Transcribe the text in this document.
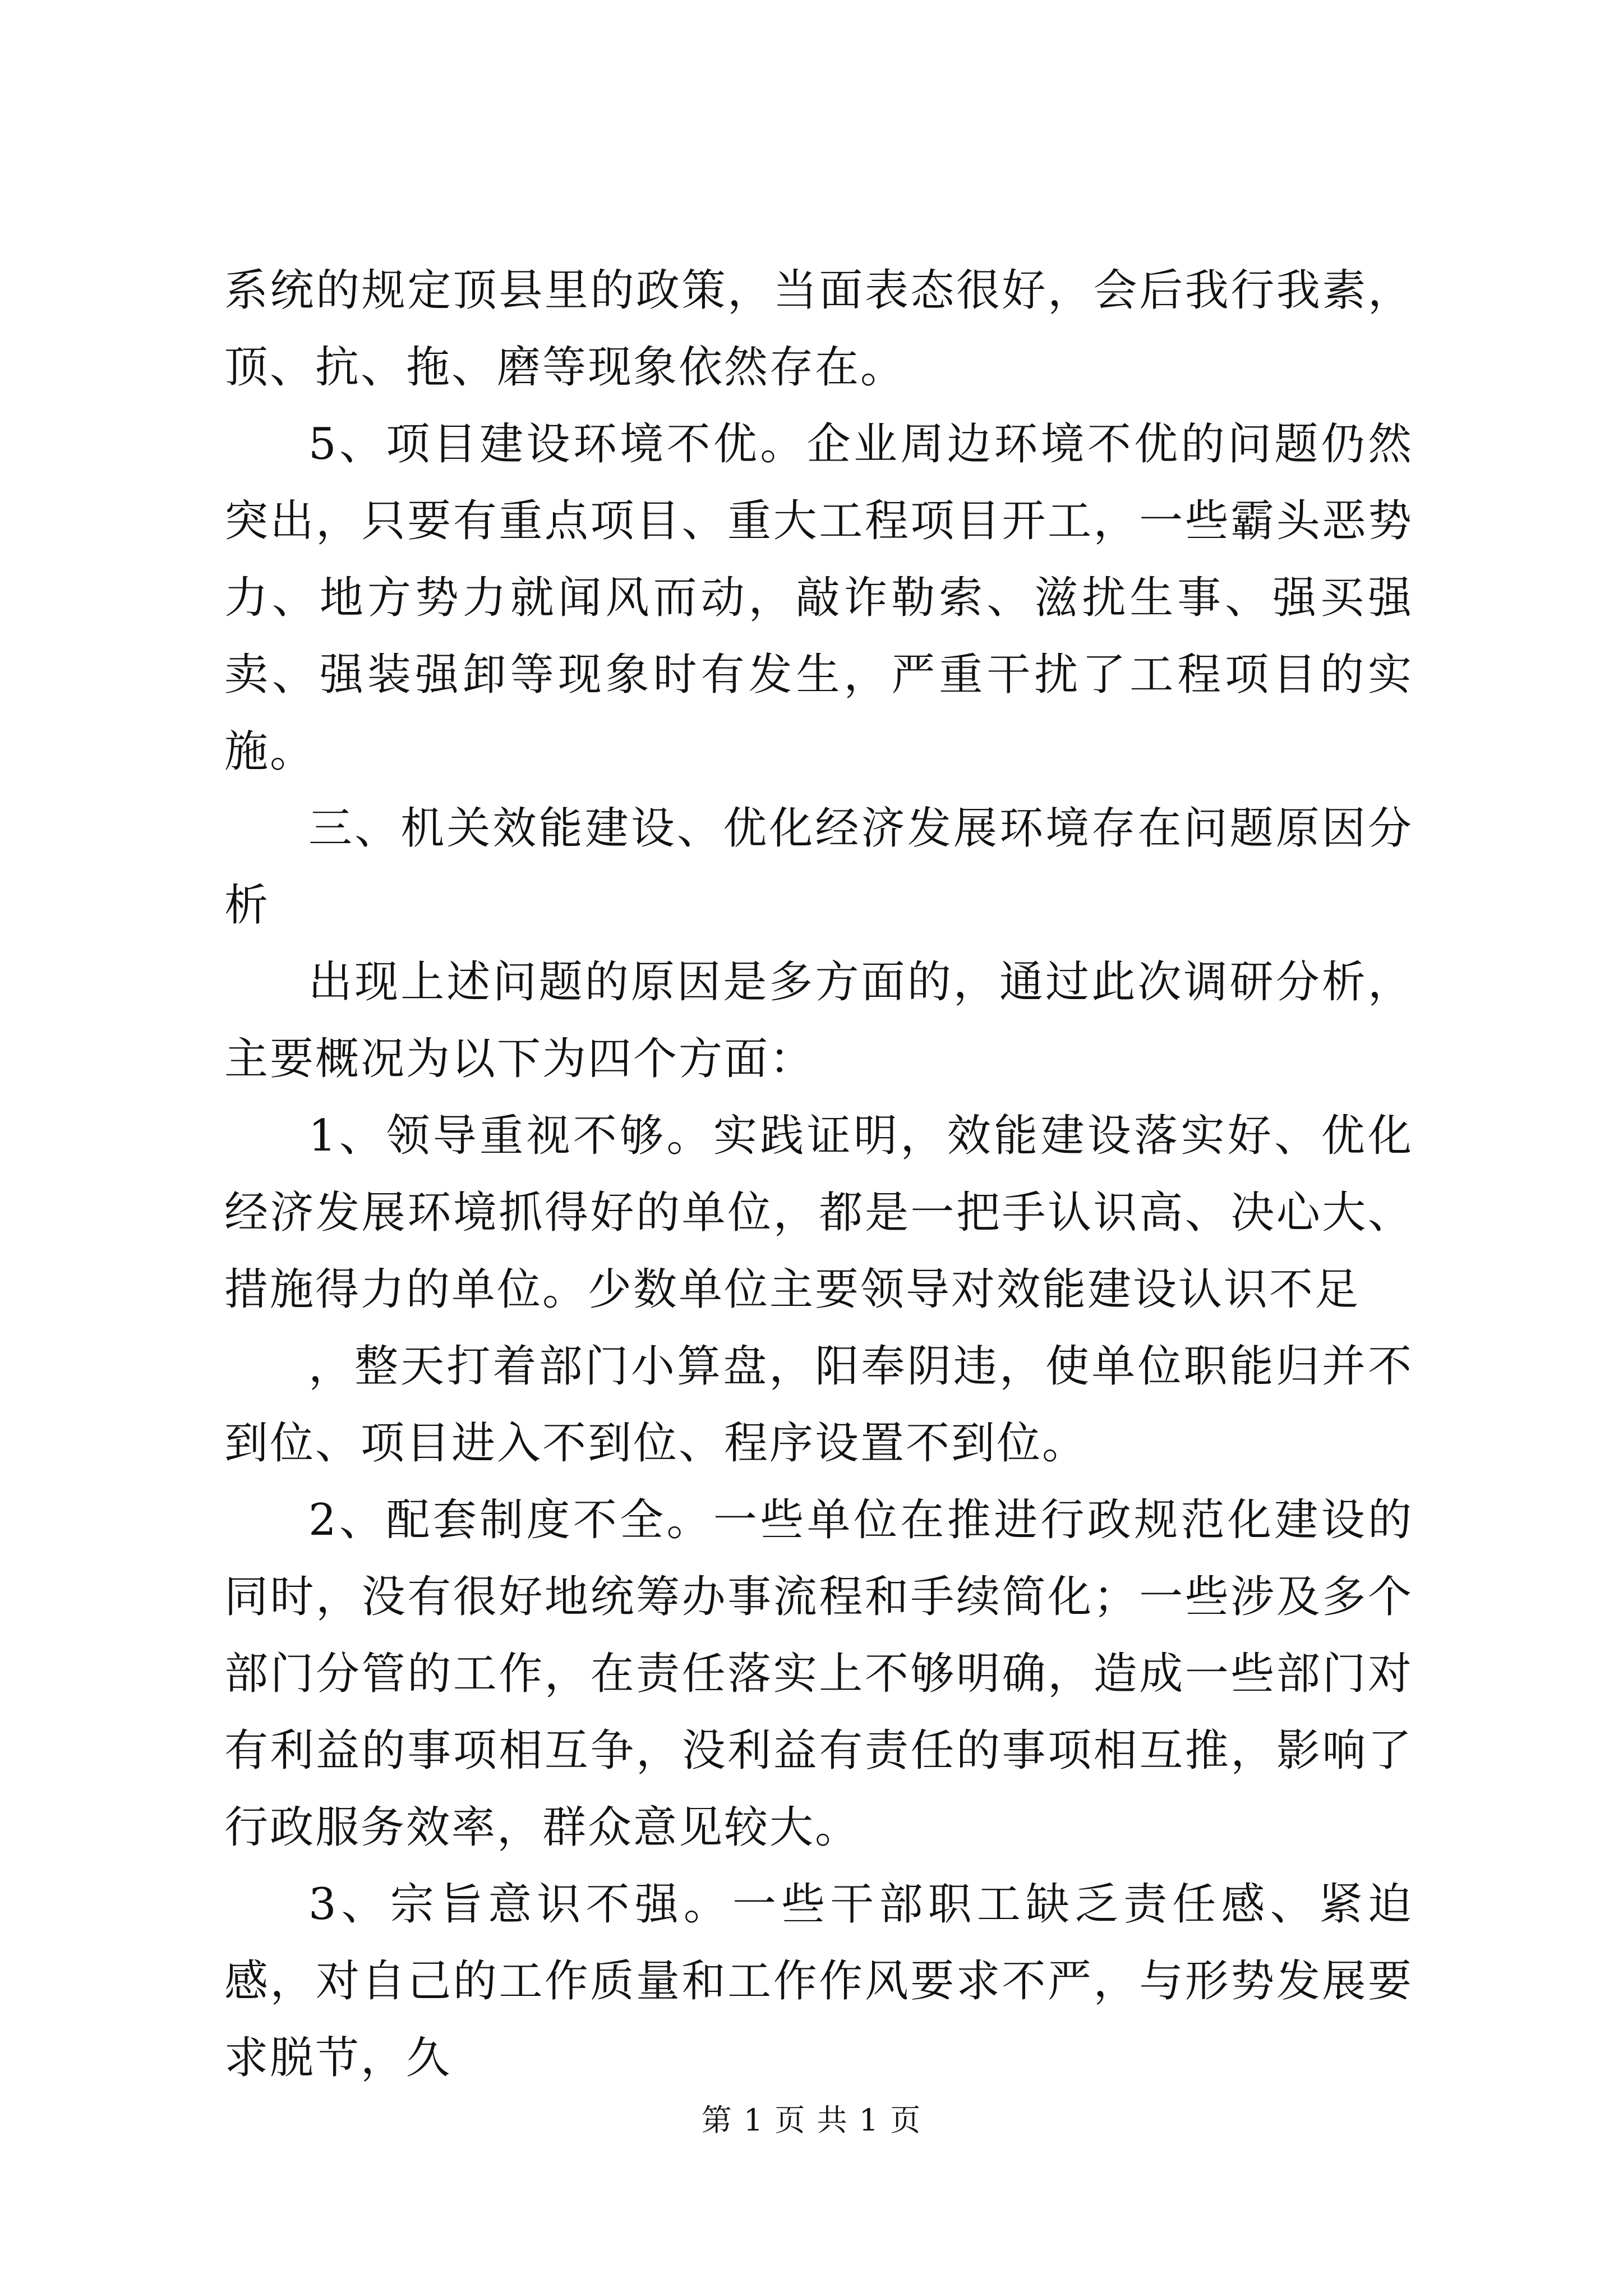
系统的规定顶县里的政策，当面表态很好，会后我行我素，顶、抗、拖、磨等现象依然存在。

5、项目建设环境不优。企业周边环境不优的问题仍然突出，只要有重点项目、重大工程项目开工，一些霸头恶势力、地方势力就闻风而动，敲诈勒索、滋扰生事、强买强卖、强装强卸等现象时有发生，严重干扰了工程项目的实施。

三、机关效能建设、优化经济发展环境存在问题原因分析

出现上述问题的原因是多方面的，通过此次调研分析，主要概况为以下为四个方面：

1、领导重视不够。实践证明，效能建设落实好、优化经济发展环境抓得好的单位，都是一把手认识高、决心大、措施得力的单位。少数单位主要领导对效能建设认识不足

，整天打着部门小算盘，阳奉阴违，使单位职能归并不到位、项目进入不到位、程序设置不到位。

2、配套制度不全。一些单位在推进行政规范化建设的同时，没有很好地统筹办事流程和手续简化；一些涉及多个部门分管的工作，在责任落实上不够明确，造成一些部门对有利益的事项相互争，没利益有责任的事项相互推，影响了行政服务效率，群众意见较大。

3、宗旨意识不强。一些干部职工缺乏责任感、紧迫感，对自己的工作质量和工作作风要求不严，与形势发展要求脱节，久

第 1 页 共 1 页
